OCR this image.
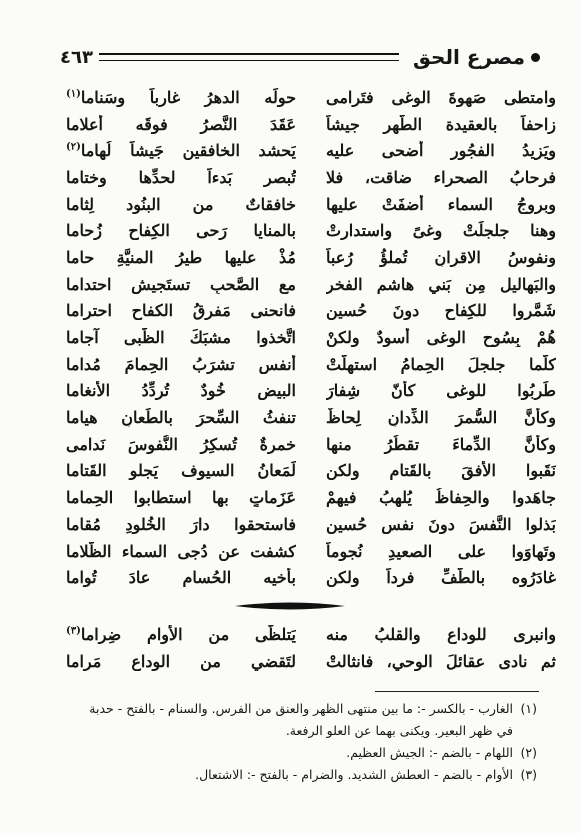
مصرع الحق
٤٦٣
وامتطى صَهوةَ الوغى فتَرامى
حولَه الدهرُ غارِباً وسَناما$^{(١)}$
زاحفاً بالعقيدة الطُّهرِ جيشاً
عَقَدَ النَّصرُ فوقَه أعلاما
ويَزيدُ الفجُورِ أضحى عليه
يَحشد الخافقين جَيشاً لُهاما$^{(٢)}$
فرحابُ الصحراء ضاقت، فلا
تُبصر بَدءاً لحدِّها وختاما
وبروجُ السماء أضفَتْ عليها
خافقاتٌ من البنُود لِثاما
وهنا جلجلَتْ وغىً واستدارتْ
بالمنايا رَحى الكِفاحِ زُحاما
ونفوسُ الاقرانِ تُملؤُ رُعباً
مُذْ عليها طيرُ المنيَّةِ حاما
والبَهاليل مِن بَني هاشمِ الفخر
مع الصَّحبِ تستَجيش احتداما
شَمَّروا للكِفاح دونَ حُسينٍ
فانحنى مَفرقُ الكفاحِ احتراما
هُمْ بِسُوحِ الوغى أسودٌ ولكنْ
اتَّخذوا مشبَكَ الظُّبى آجاما
كلّما جلجلَ الحِمامُ استهلَّتْ
أنفس تشرَبُ الحِمامَ مُداما
طَرِبُوا للوغى كأنّ شِفارَ
البيض خُودٌ تُردِّدُ الأنغاما
وكأنَّ السُّمرَ الذِّدانِ لِحاظٌ
تنفثُ السِّحرَ بالطِّعانِ هياما
وكأنَّ الدِّماءَ تقطُرُ منها
خمرةٌ تُسكِرُ النُّفوسَ نَدامى
نَقَبوا الأفقَ بالقَتامِ ولكن
لَمَعانُ السيوف يَجلو القَتاما
جاهَدوا والحِفاظُ يُلهِبُ فيهمْ
عَزَماتٍ بها استطابوا الحِماما
بَذلوا النَّفسَ دونَ نفسِ حُسينٍ
فاستحقوا دارَ الخُلودِ مُقاما
وتَهاوَوا على الصعيدِ نُجوماً
كشفت عن دُجى السماء الظَّلاما
غادَرُوه بالطَّفِّ فرداً ولكن
بأخيه الحُسامِ عادَ تُواما
وانبرى للوداعِ والقلبُ منه
يَتلظّى من الأوام ضِراما$^{(٣)}$
ثم نادى عقائلَ الوحي، فانثالتْ
لتَقضي من الوداعِ مَراما
(١)الغارب - بالكسر -: ما بين منتهى الظهر والعنق من الفرس. والسنام - بالفتح - حدبة
في ظهر البعير. ويكنى بهما عن العلو الرفعة.
(٢)اللهام - بالضم -: الجيش العظيم.
(٣)الأوام - بالضم - العطش الشديد. والضرام - بالفتح -: الاشتعال.
